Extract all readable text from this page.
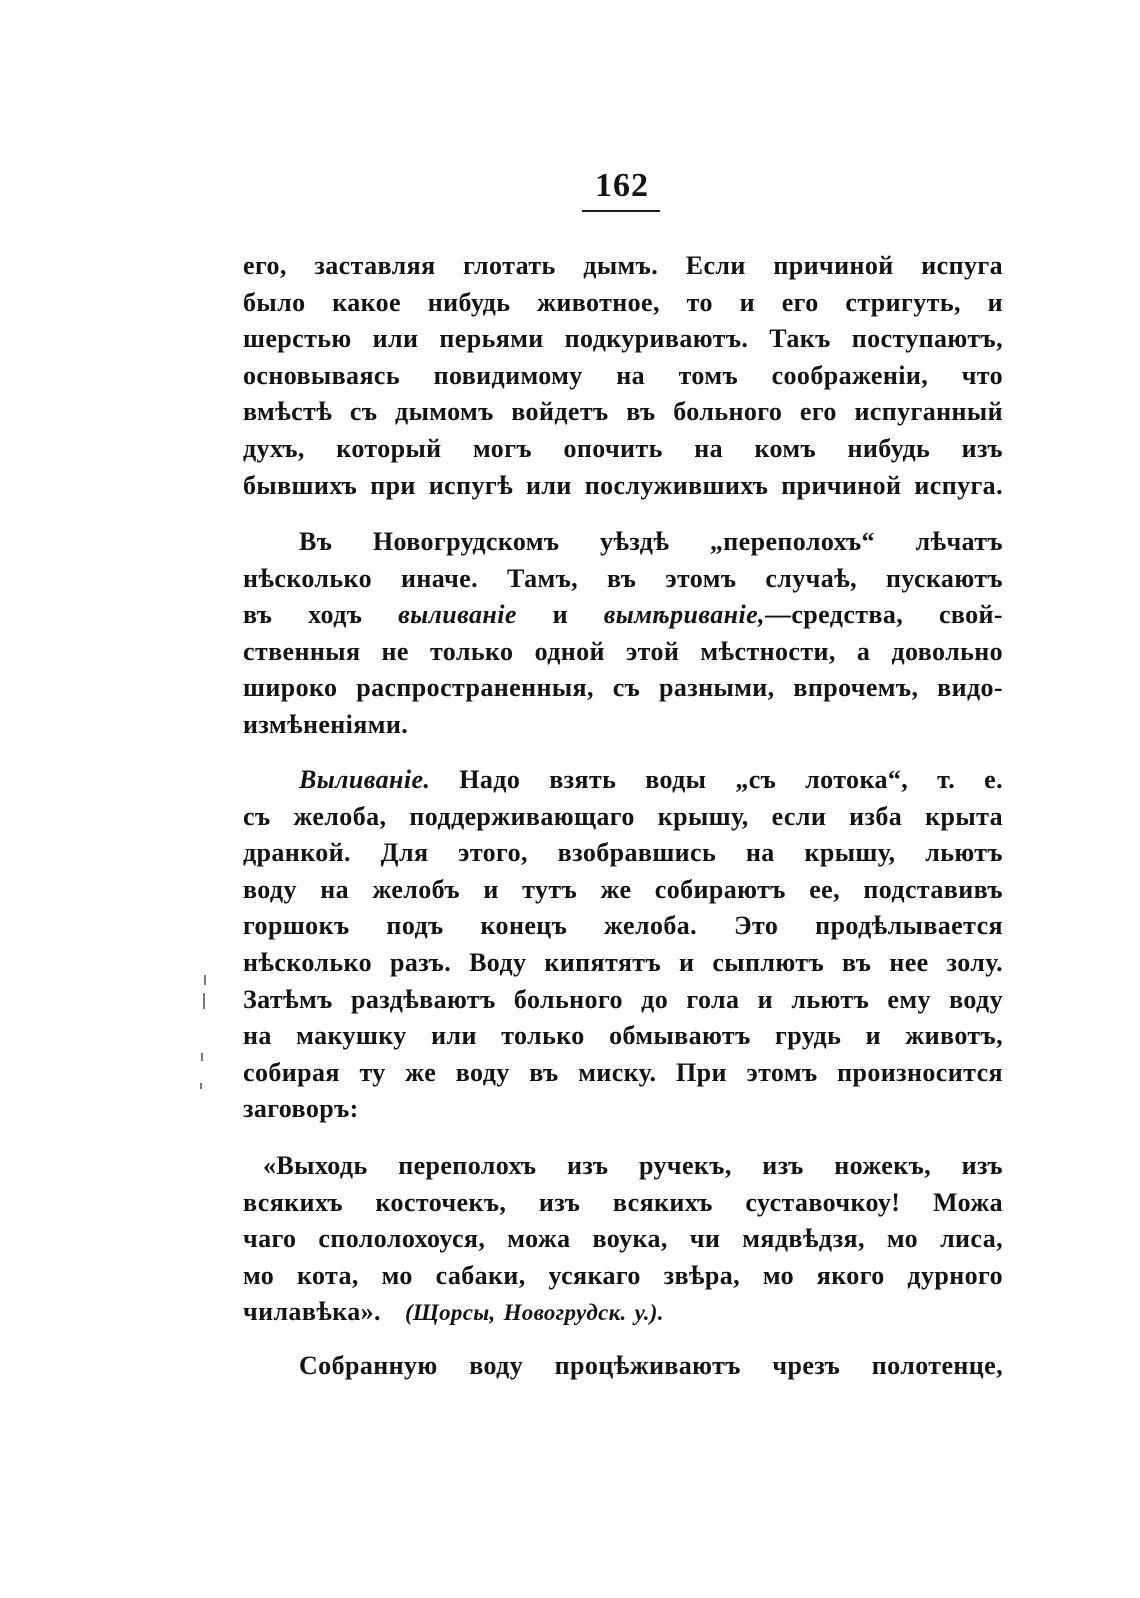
162
его, заставляя глотать дымъ. Если причиной испуга
было какое нибудь животное, то и его стригуть, и
шерстью или перьями подкуриваютъ. Такъ поступаютъ,
основываясь повидимому на томъ соображенiи, что
вмѣстѣ съ дымомъ войдетъ въ больного его испуганный
духъ, который могъ опочить на комъ нибудь изъ
бывшихъ при испугѣ или послужившихъ причиной испуга.
Въ Новогрудскомъ уѣздѣ „переполохъ“ лѣчатъ
нѣсколько иначе. Тамъ, въ этомъ случаѣ, пускаютъ
въ ходъ выливанiе и вымѣриванiе,—средства, свой-
ственныя не только одной этой мѣстности, а довольно
широко распространенныя, съ разными, впрочемъ, видо-
измѣненiями.
Выливанiе. Надо взять воды „съ лотока“, т. е.
съ желоба, поддерживающаго крышу, если изба крыта
дранкой. Для этого, взобравшись на крышу, льютъ
воду на желобъ и тутъ же собираютъ ее, подставивъ
горшокъ подъ конецъ желоба. Это продѣлывается
нѣсколько разъ. Воду кипятятъ и сыплютъ въ нее золу.
Затѣмъ раздѣваютъ больного до гола и льютъ ему воду
на макушку или только обмываютъ грудь и животъ,
собирая ту же воду въ миску. При этомъ произносится
заговоръ:
«Выходь переполохъ изъ ручекъ, изъ ножекъ, изъ
всякихъ косточекъ, изъ всякихъ суставочкоу! Можа
чаго спололохоуся, можа воука, чи мядвѣдзя, мо лиса,
мо кота, мо сабаки, усякаго звѣра, мо якого дурного
чилавѣка». (Щорсы, Новогрудск. у.).
Собранную воду процѣживаютъ чрезъ полотенце,
